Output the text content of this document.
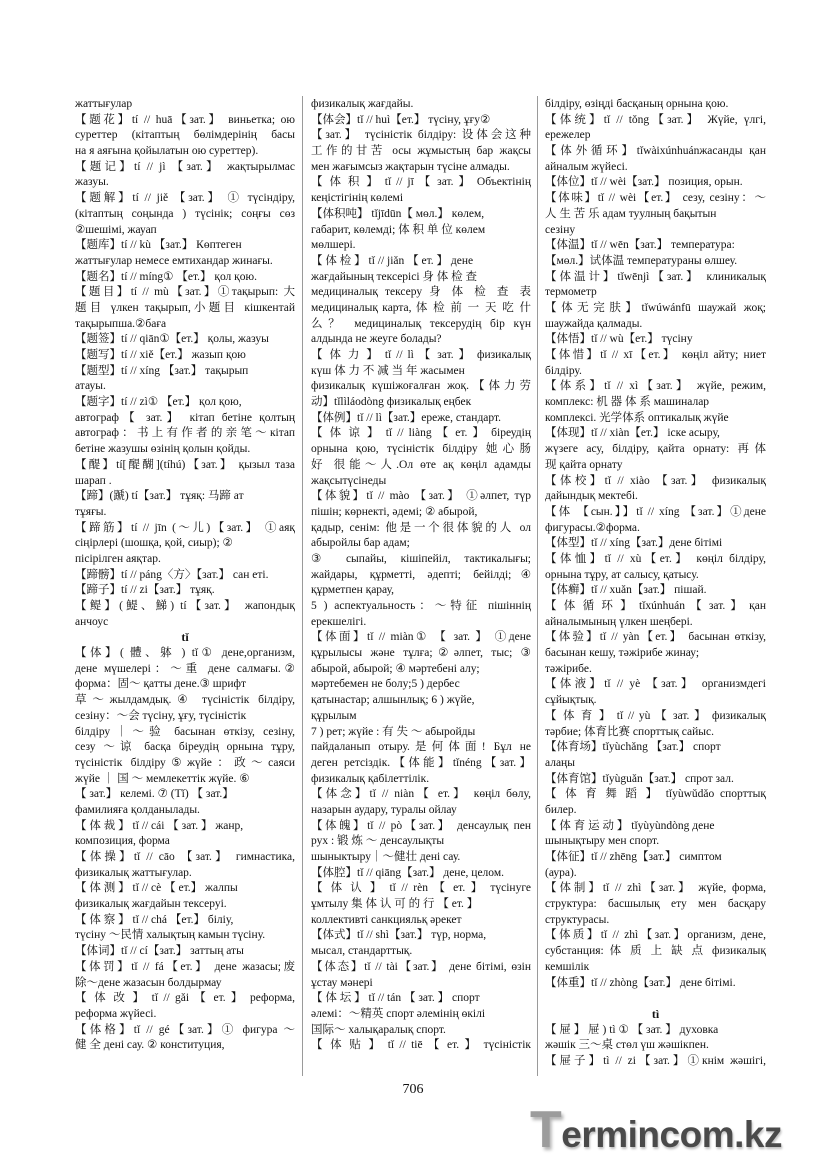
жаттығулар
【题花】tí // huā【зат.】 виньетка; ою
суреттер (кітаптың бөлімдерінің басы
на я аяғына қойылатын ою суреттер).
【题记】tí // jì 【зат.】 жақтырылмас
жазуы.
【题解】tí // jiě 【зат.】 ① түсіндіру,
(кітаптың соңында ) түсінік; соңғы сөз
②шешімі, жауап
【题库】tí // kù 【зат.】 Көптеген
жаттығулар немесе емтихандар жинағы.
【题名】tí // míng① 【ет.】 қол қою.
【题目】tí // mù【зат.】①тақырып: 大
题目 үлкен тақырып,小题目 кішкентай
тақырыпша.②бағa
【题签】tí // qiān①【ет.】 қолы, жазуы
【题写】tí // xiě【ет.】 жазып қою
【题型】tí // xíng 【зат.】 тақырып
атауы.
【题字】tí // zì① 【ет.】 қол қою,
автограф【 зат.】 кітап бетіне қолтың
автограф：书上有作者的亲笔～кітап
бетіне жазушы өзінің қолын қойды.
【醍】tí[醍醐](tíhú)【зат.】 қызыл таза
шарап .
【蹄】(蹏) tí【зат.】 тұяқ: 马蹄 ат
тұяғы.
【蹄筋】tí // jīn (～儿)【зат.】 ①аяқ
сіңірлері (шошқа, қой, сиыр); ②
пісірілген аяқтар.
【蹄髈】tí // páng〈方〉【зат.】 сан еті.
【蹄子】tí // zi【зат.】 тұяқ.
【鳀】(鯷、鮷) tí【зат.】 жапондық
анчоус
tǐ
【体】( 體、躰 ) tǐ① дене,организм,
дене мүшелері：～重 дене салмағы.②
форма：固～ қатты дене.③ шрифт
草～жылдамдық.④ түсіністік білдіру,
сезіну：～会 түсіну, ұғу, түсіністік
білдіру｜～验 басынан өткізу, сезіну,
сезу ～谅 басқа біреудің орнына тұру,
түсіністік білдіру⑤жүйе：政～саяси
жүйе ｜ 国 ～ мемлекеттік жүйе. ⑥
【 зат.】 келемі. ⑦ (Tǐ) 【 зат.】
фамилияға қолданылады.
【 体 裁 】 tǐ // cái 【 зат. 】 жанр,
композиция, форма
【体操】tǐ // cāo 【зат.】 гимнастика,
физикалық жаттығулар.
【 体 测 】 tǐ // cè 【 ет.】 жалпы
физикалық жағдайын тексеруі.
【 体 察 】 tǐ // chá 【ет.】 біліу,
түсіну ～民情 халықтың камын түсіну.
【体词】tǐ // cí【зат.】 заттың аты
【体罚】tǐ // fá【ет.】 дене жазасы;废
除～дене жазасын болдырмау
【 体 改 】 tǐ // gǎi 【 ет. 】 реформа,
реформа жүйесі.
【体格】tǐ // gé【зат.】① фигура ～
健 全 дені сау. ② конституция,
физикалық жағдайы.
【体会】tǐ // huì【ет.】 түсіну, ұғу②
【зат.】 түсіністік білдіру: 设体会这种
工作的甘苦 осы жұмыстың бар жақсы
мен жағымсыз жақтарын түсіне алмады.
【 体 积 】 tǐ // jī 【 зат. 】 Объектінің
кеңістігінің көлемі
【体积吨】 tǐjīdūn【 мөл.】 көлем,
габарит, көлемді; 体 积 单 位 көлем
мөлшері.
【 体 检 】 tǐ // jiǎn 【 ет. 】 дене
жағдайының тексерісі 身 体 检 查
медициналық тексеру 身 体 检 查 表
медициналық карта, 体 检 前 一 天 吃 什
么？ медициналық тексерудің бір күн
алдында не жеуге болады?
【 体 力 】 tǐ // lì 【 зат. 】 физикалық
күш 体 力 不 减 当 年 жасымен
физикалық күшіжоғалған жоқ.【体力劳
动】tǐlìláodòng физикалық еңбек
【体例】tǐ // lì【зат.】ереже, стандарт.
【 体 谅 】 tǐ // liàng 【 ет. 】 біреудің
орнына қою, түсіністік білдіру 她心肠
好 很能～人.Ол өте ақ көңіл адамды
жақсытүсінеды
【体貌】tǐ // mào 【зат.】 ①әлпет, түр
пішін; көрнекті, әдемі; ② абырой,
қадыр, сенім: 他是一个很体貌的人 ол
абыройлы бар адам;
③ сыпайы, кішіпейіл, тактикалығы;
жайдары, құрметті, әдепті; бейілді;④
құрметпен қарау,
5 ) аспектуальность：～特征 пішіннің
ерекшелігі.
【体面】tǐ // miàn① 【 зат. 】 ①дене
құрылысы және тұлға;②әлпет, тыс; ③
абырой, абырой; ④ мәртебені алу;
мәртебемен не болу;5 ) дербес
қатынастар; алшынлық; 6 ) жүйе,
құрылым
7 ) рет; жүйе : 有 失 ～ абыройды
пайдаланып отыру.是何体面! Бұл не
деген ретсіздік.【体能】tǐnéng【зат.】
физикалық қабілеттілік.
【体念】tǐ // niàn【 ет.】 көңіл бөлу,
назарын аудару, туралы ойлау
【体魄】tǐ // pò【зат.】 денсаулық пен
рух : 锻 炼 ～ денсаулықты
шыныктыру｜～健壮 дені сау.
【体腔】tǐ // qiāng【зат.】 дене, целом.
【 体 认 】 tǐ // rèn 【 ет. 】 түсінуге
ұмтылу 集 体 认 可 的 行 【 ет. 】
коллективті санкцияльқ әрекет
【体式】tǐ // shì【зат.】 түр, норма,
мысал, стандарттық.
【体态】tǐ // tài【зат.】 дене бітімі, өзін
ұстау мәнері
【 体 坛 】 tǐ // tán 【 зат. 】 спорт
әлемі：～精英 спорт әлемінің өкілі
国际～ халықаралық спорт.
【 体 贴 】 tǐ // tiē 【 ет. 】 түсіністік
білдіру, өзіңді басқаның орнына қою.
【体统】tǐ // tǒng【зат.】 Жүйе, үлгі,
ережелер
【体外循环】tǐwàixúnhuánжасанды қан
айналым жүйесі.
【体位】tǐ // wèi【зат.】 позиция, орын.
【体味】tǐ // wèi【ет.】 сезу, сезіну：～
人 生 苦 乐 адам туулның бақытын
сезіну
【体温】tǐ // wēn【зат.】 температура:
【мөл.】试体温 температураны өлшеу.
【体温计】tǐwēnjì【зат.】 клиникалық
термометр
【体无完肤】tǐwúwánfū шаужай жоқ;
шаужайда қалмады.
【体悟】tǐ // wù【ет.】 түсіну
【体惜】tǐ // xī【ет.】 көңіл айту; ниет
білдіру.
【体系】tǐ // xì【зат.】 жүйе, режим,
комплекс: 机 器 体 系 машиналар
комплексі. 光学体系 оптикалық жүйе
【体现】tǐ // xiàn【ет.】 іске асыру,
жүзеге асу, білдіру, қайта орнату: 再体
现 қайта орнату
【体校】tǐ // xiào 【зат.】 физикалық
дайындық мектебі.
【体 【сын.】】tǐ // xíng 【зат.】①дене
фигурасы.②форма.
【体型】tǐ // xíng【зат.】дене бітімі
【体恤】tǐ // xù【ет.】 көңіл білдіру,
орнына тұру, ат салысу, қатысу.
【体癣】tǐ // xuǎn【зат.】 пішай.
【 体 循 环 】 tǐxúnhuán 【 зат. 】 қан
айналымының үлкен шеңбері.
【体验】tǐ // yàn【ет.】 басынан өткізу,
басынан кешу, тәжірибе жинау;
тәжірибе.
【体液】tǐ // yè 【зат.】 организмдегі
сұйықтық.
【 体 育 】 tǐ // yù 【 зат. 】 физикалық
тәрбие; 体育比赛 спорттық сайыс.
【体育场】tǐyùchǎng 【зат.】 спорт
алаңы
【体育馆】tǐyùguǎn【зат.】 спрот зал.
【 体 育 舞 蹈 】 tǐyùwǔdǎo спорттық
билер.
【 体 育 运 动 】 tǐyùyùndòng дене
шынықтыру мен спорт.
【体征】tǐ // zhēng【зат.】 симптом
(аура).
【体制】tǐ // zhì【зат.】 жүйе, форма,
структура: басшылық ету мен басқару
структурасы.
【体质】tǐ // zhì【зат.】организм, дене,
субстанция: 体 质 上 缺 点 физикалық
кемшілік
【体重】tǐ // zhòng【зат.】 дене бітімі.
tì
【 屉 】 屉 ) tì ① 【 зат. 】 духовка
жәшік 三～桌 стөл үш жәшікпен.
【屉子】tì // zi【зат.】①кнім жәшігі,
706
Termincom.kz
